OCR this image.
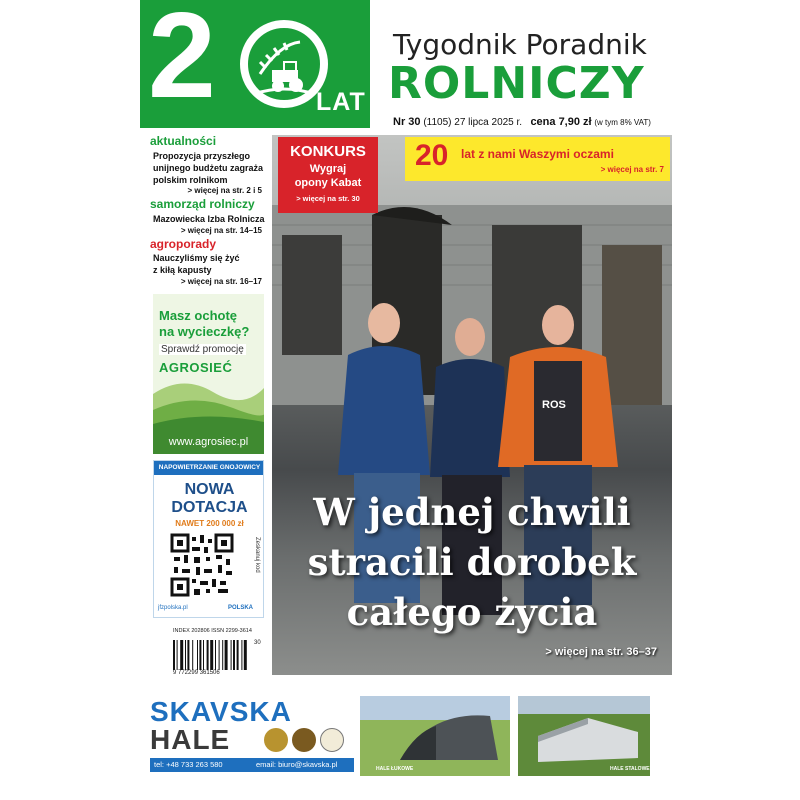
2	LAT
Tygodnik Poradnik
ROLNICZY
Nr 30 (1105) 27 lipca 2025 r. cena 7,90 zł (w tym 8% VAT)
aktualności
Propozycja przyszłego
unijnego budżetu zagraża
polskim rolnikom
> więcej na str. 2 i 5
samorząd rolniczy
Mazowiecka Izba Rolnicza
> więcej na str. 14–15
agroporady
Nauczyliśmy się żyć
z kiłą kapusty
> więcej na str. 16–17
Masz ochotę
na wycieczkę?
Sprawdź promocję
AGROSIEĆ
www.agrosiec.pl
NAPOWIETRZANIE GNOJOWICY
NOWA
DOTACJA
NAWET 200 000 zł
Zeskanuj kod
jfzpolska.pl	POLSKA
INDEX 202806 ISSN 2299-3614
9 772299 361506
30
ROS
KONKURS
Wygraj
opony Kabat
> więcej na str. 30
20 lat z nami Waszymi oczami
> więcej na str. 7
W jednej chwili
stracili dorobek
całego życia
> więcej na str. 36–37
SKAVSKA
HALE
tel: +48 733 263 580	email: biuro@skavska.pl	HALE ŁUKOWE	HALE STALOWE
